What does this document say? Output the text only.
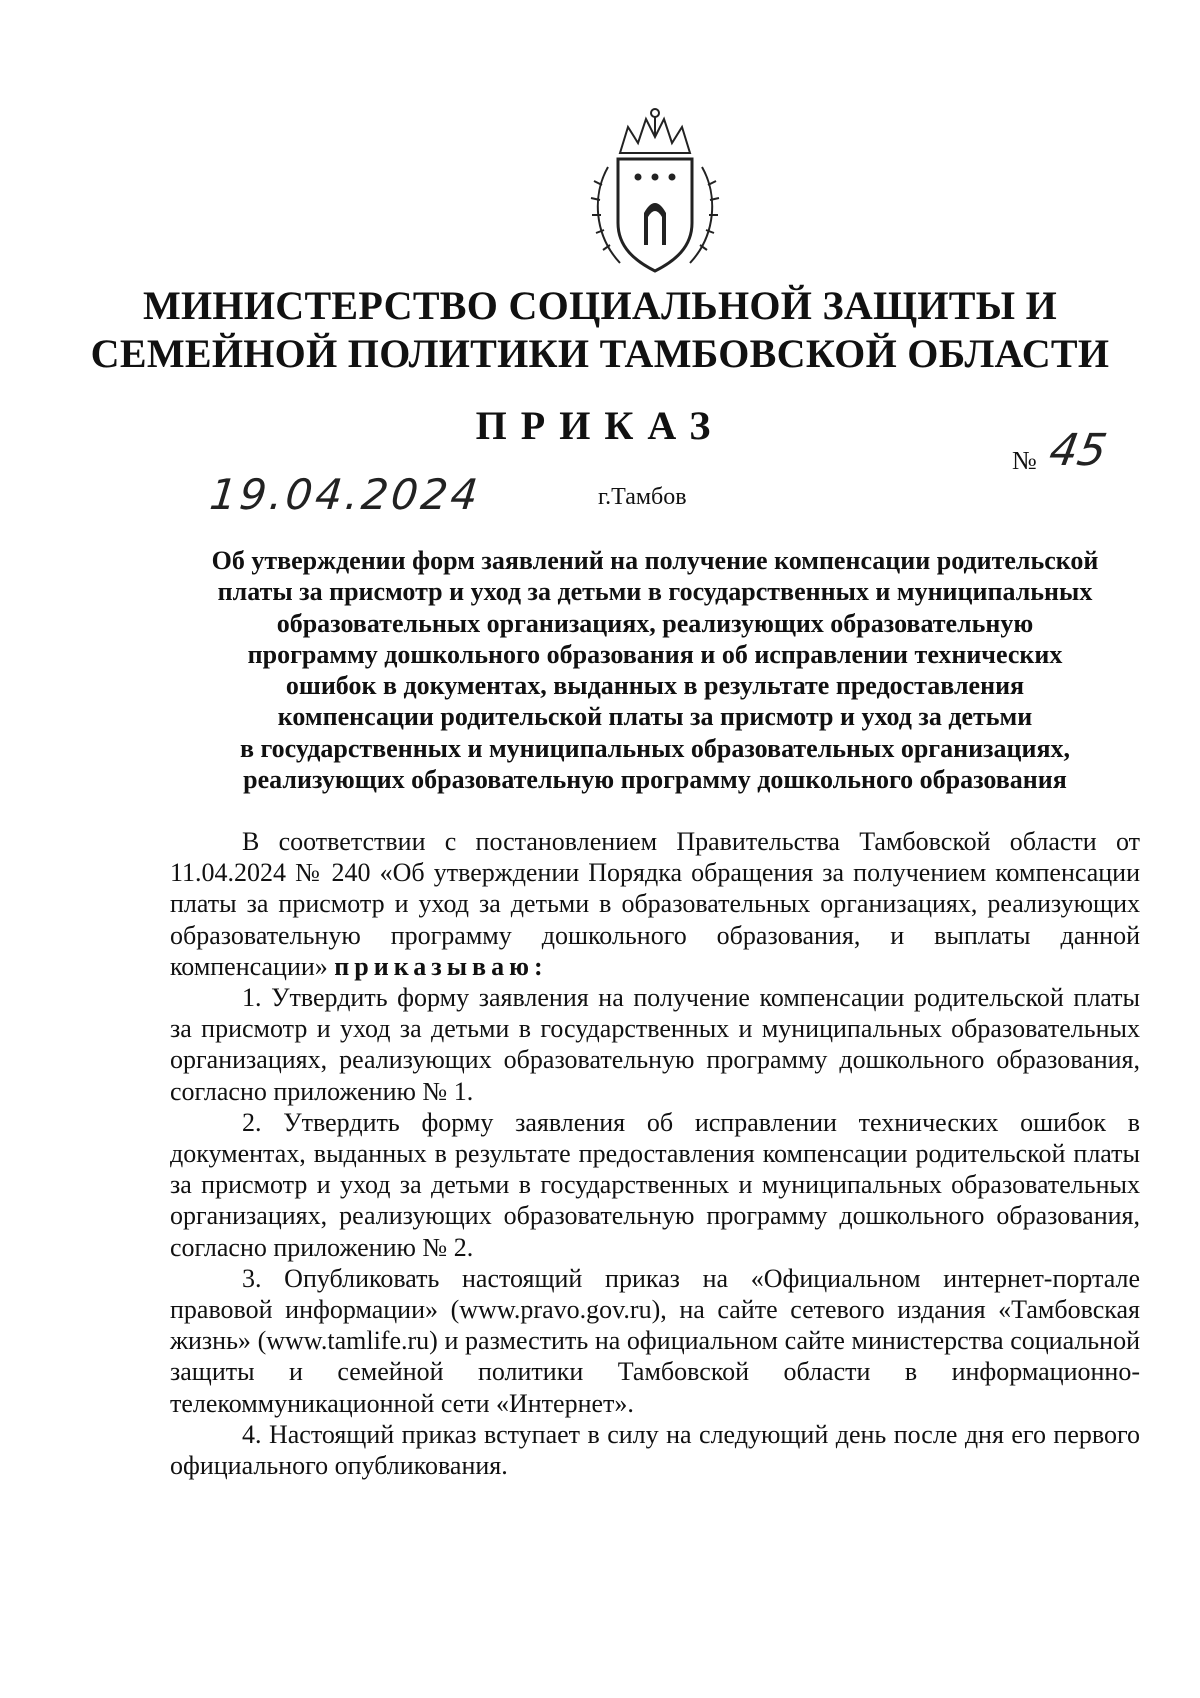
МИНИСТЕРСТВО СОЦИАЛЬНОЙ ЗАЩИТЫ И
СЕМЕЙНОЙ ПОЛИТИКИ ТАМБОВСКОЙ ОБЛАСТИ
ПРИКАЗ
19.04.2024	г.Тамбов
№ 45
Об утверждении форм заявлений на получение компенсации родительской
платы за присмотр и уход за детьми в государственных и муниципальных
образовательных организациях, реализующих образовательную
программу дошкольного образования и об исправлении технических
ошибок в документах, выданных в результате предоставления
компенсации родительской платы за присмотр и уход за детьми
в государственных и муниципальных образовательных организациях,
реализующих образовательную программу дошкольного образования

В соответствии с постановлением Правительства Тамбовской области от 11.04.2024 № 240 «Об утверждении Порядка обращения за получением компенсации платы за присмотр и уход за детьми в образовательных организациях, реализующих образовательную программу дошкольного образования, и выплаты данной компенсации» приказываю:

1. Утвердить форму заявления на получение компенсации родительской платы за присмотр и уход за детьми в государственных и муниципальных образовательных организациях, реализующих образовательную программу дошкольного образования, согласно приложению № 1.

2. Утвердить форму заявления об исправлении технических ошибок в документах, выданных в результате предоставления компенсации родительской платы за присмотр и уход за детьми в государственных и муниципальных образовательных организациях, реализующих образовательную программу дошкольного образования, согласно приложению № 2.

3. Опубликовать настоящий приказ на «Официальном интернет-портале правовой информации» (www.pravo.gov.ru), на сайте сетевого издания «Тамбовская жизнь» (www.tamlife.ru) и разместить на официальном сайте министерства социальной защиты и семейной политики Тамбовской области в информационно-телекоммуникационной сети «Интернет».

4. Настоящий приказ вступает в силу на следующий день после дня его первого официального опубликования.
